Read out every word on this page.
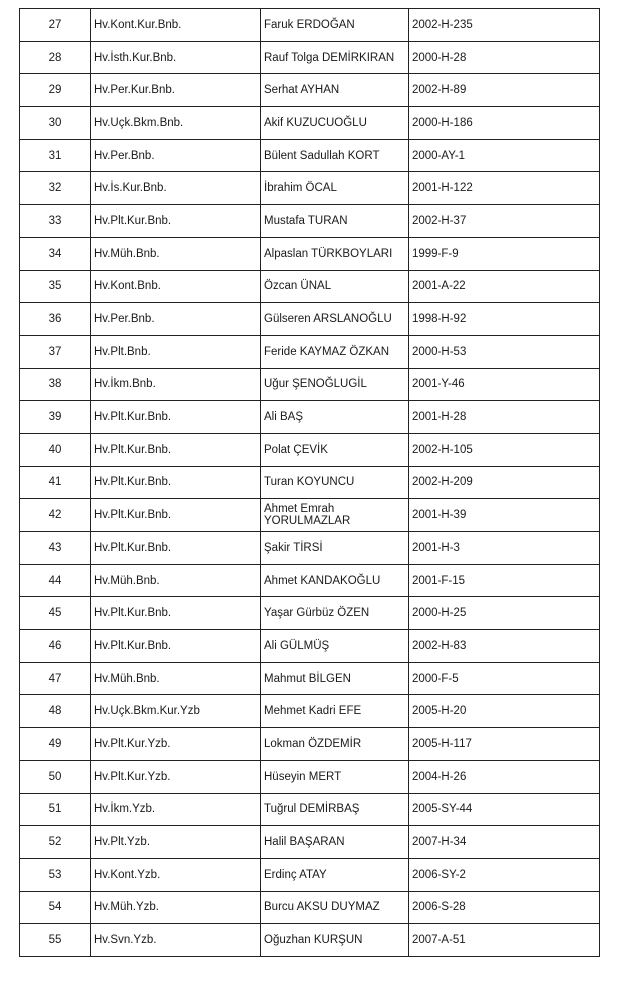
27	Hv.Kont.Kur.Bnb.	Faruk ERDOĞAN	2002-H-235
28	Hv.İsth.Kur.Bnb.	Rauf Tolga DEMİRKIRAN	2000-H-28
29	Hv.Per.Kur.Bnb.	Serhat AYHAN	2002-H-89
30	Hv.Uçk.Bkm.Bnb.	Akif KUZUCUOĞLU	2000-H-186
31	Hv.Per.Bnb.	Bülent Sadullah KORT	2000-AY-1
32	Hv.İs.Kur.Bnb.	İbrahim ÖCAL	2001-H-122
33	Hv.Plt.Kur.Bnb.	Mustafa TURAN	2002-H-37
34	Hv.Müh.Bnb.	Alpaslan TÜRKBOYLARI	1999-F-9
35	Hv.Kont.Bnb.	Özcan ÜNAL	2001-A-22
36	Hv.Per.Bnb.	Gülseren ARSLANOĞLU	1998-H-92
37	Hv.Plt.Bnb.	Feride KAYMAZ ÖZKAN	2000-H-53
38	Hv.İkm.Bnb.	Uğur ŞENOĞLUGİL	2001-Y-46
39	Hv.Plt.Kur.Bnb.	Ali BAŞ	2001-H-28
40	Hv.Plt.Kur.Bnb.	Polat ÇEVİK	2002-H-105
41	Hv.Plt.Kur.Bnb.	Turan KOYUNCU	2002-H-209
42	Hv.Plt.Kur.Bnb.	Ahmet Emrah YORULMAZLAR	2001-H-39
43	Hv.Plt.Kur.Bnb.	Şakir TİRSİ	2001-H-3
44	Hv.Müh.Bnb.	Ahmet KANDAKOĞLU	2001-F-15
45	Hv.Plt.Kur.Bnb.	Yaşar Gürbüz ÖZEN	2000-H-25
46	Hv.Plt.Kur.Bnb.	Ali GÜLMÜŞ	2002-H-83
47	Hv.Müh.Bnb.	Mahmut BİLGEN	2000-F-5
48	Hv.Uçk.Bkm.Kur.Yzb	Mehmet Kadri EFE	2005-H-20
49	Hv.Plt.Kur.Yzb.	Lokman ÖZDEMİR	2005-H-117
50	Hv.Plt.Kur.Yzb.	Hüseyin MERT	2004-H-26
51	Hv.İkm.Yzb.	Tuğrul DEMİRBAŞ	2005-SY-44
52	Hv.Plt.Yzb.	Halil BAŞARAN	2007-H-34
53	Hv.Kont.Yzb.	Erdinç ATAY	2006-SY-2
54	Hv.Müh.Yzb.	Burcu AKSU DUYMAZ	2006-S-28
55	Hv.Svn.Yzb.	Oğuzhan KURŞUN	2007-A-51
